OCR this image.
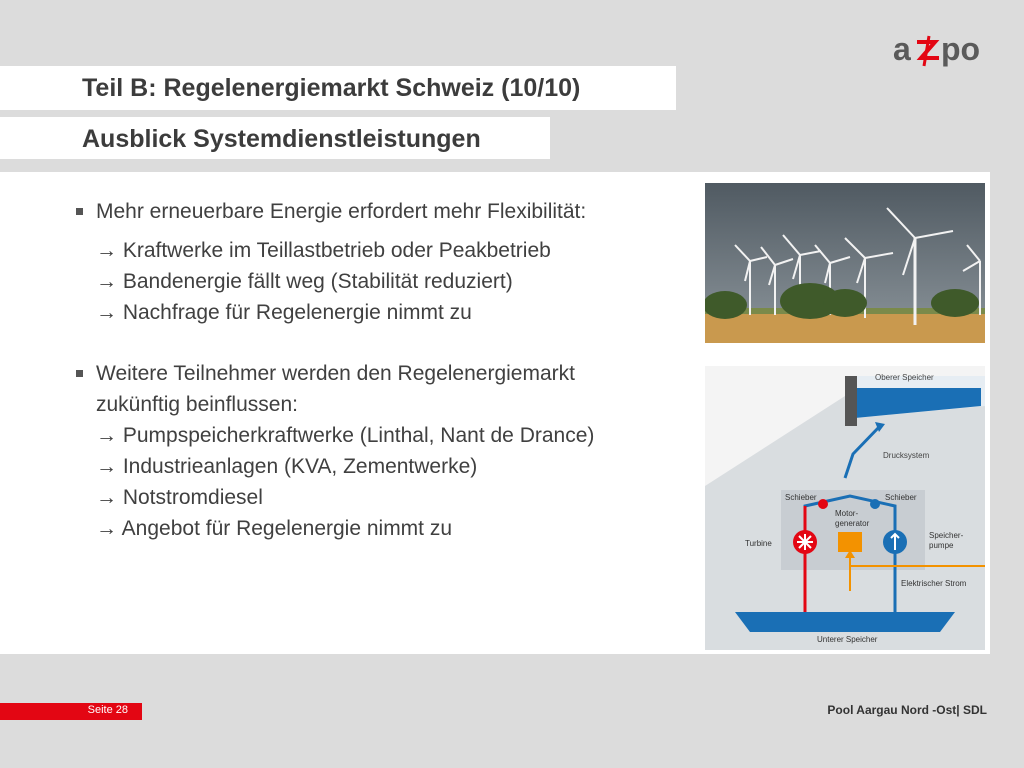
a po
Teil B: Regelenergiemarkt Schweiz (10/10)
Ausblick Systemdienstleistungen
Mehr erneuerbare Energie erfordert mehr Flexibilität:
→ Kraftwerke im Teillastbetrieb oder Peakbetrieb
→ Bandenergie fällt weg (Stabilität reduziert)
→ Nachfrage für Regelenergie nimmt zu
Weitere Teilnehmer werden den Regelenergiemarkt
zukünftig beinflussen:
→ Pumpspeicherkraftwerke (Linthal, Nant de Drance)
→ Industrieanlagen (KVA, Zementwerke)
→ Notstromdiesel
→ Angebot für Regelenergie nimmt zu
Oberer Speicher
Drucksystem
Schieber	Schieber
Motor-
generator
Turbine
Speicher-
pumpe
Elektrischer Strom
Unterer Speicher
Seite 28	Pool Aargau Nord -Ost| SDL
